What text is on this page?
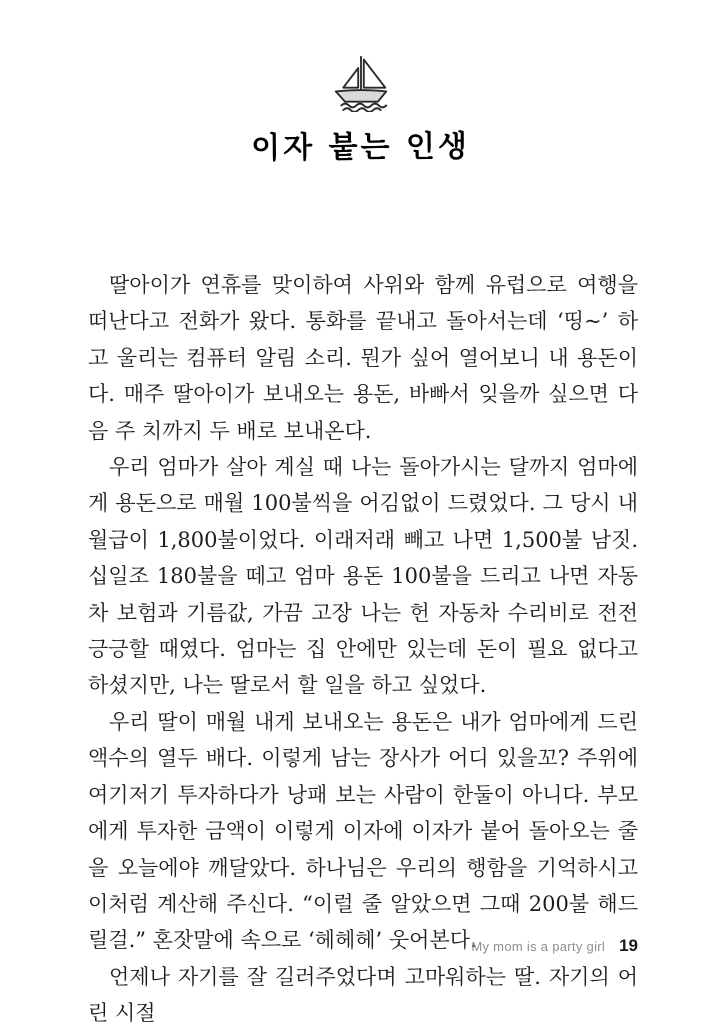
이자 붙는 인생

딸아이가 연휴를 맞이하여 사위와 함께 유럽으로 여행을 떠난다고 전화가 왔다. 통화를 끝내고 돌아서는데 ‘띵~’ 하고 울리는 컴퓨터 알림 소리. 뭔가 싶어 열어보니 내 용돈이다. 매주 딸아이가 보내오는 용돈, 바빠서 잊을까 싶으면 다음 주 치까지 두 배로 보내온다.

우리 엄마가 살아 계실 때 나는 돌아가시는 달까지 엄마에게 용돈으로 매월 100불씩을 어김없이 드렸었다. 그 당시 내 월급이 1,800불이었다. 이래저래 빼고 나면 1,500불 남짓. 십일조 180불을 떼고 엄마 용돈 100불을 드리고 나면 자동차 보험과 기름값, 가끔 고장 나는 헌 자동차 수리비로 전전긍긍할 때였다. 엄마는 집 안에만 있는데 돈이 필요 없다고 하셨지만, 나는 딸로서 할 일을 하고 싶었다.

우리 딸이 매월 내게 보내오는 용돈은 내가 엄마에게 드린 액수의 열두 배다. 이렇게 남는 장사가 어디 있을꼬? 주위에 여기저기 투자하다가 낭패 보는 사람이 한둘이 아니다. 부모에게 투자한 금액이 이렇게 이자에 이자가 붙어 돌아오는 줄을 오늘에야 깨달았다. 하나님은 우리의 행함을 기억하시고 이처럼 계산해 주신다. “이럴 줄 알았으면 그때 200불 해드릴걸.” 혼잣말에 속으로 ‘헤헤헤’ 웃어본다.

언제나 자기를 잘 길러주었다며 고마워하는 딸. 자기의 어린 시절

My mom is a party girl 19
